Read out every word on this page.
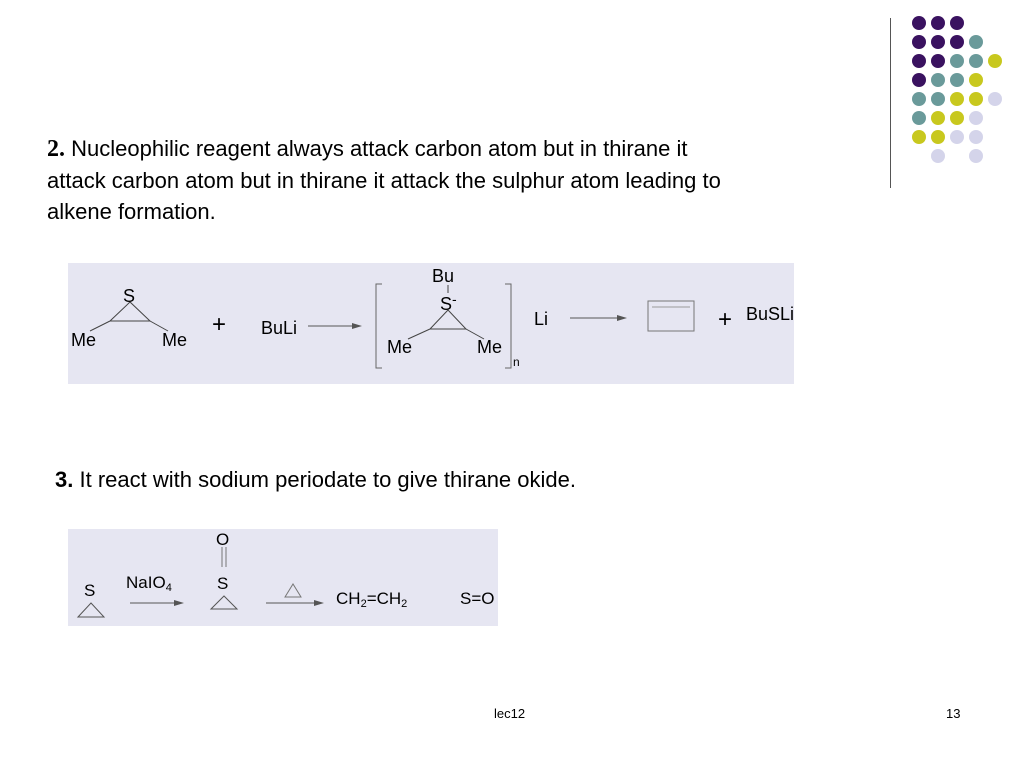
2. Nucleophilic reagent always attack carbon atom but in thirane it
attack carbon atom but in thirane it attack the sulphur atom leading to
alkene formation.
S
Me	Me
+ BuLi
Bu
S-
Me	Me
n
Li	+ BuSLi
3. It react with sodium periodate to give thirane okide.
S NaIO$_4$
O
S
$CH_2=CH_2$	S=O
lec12	13
